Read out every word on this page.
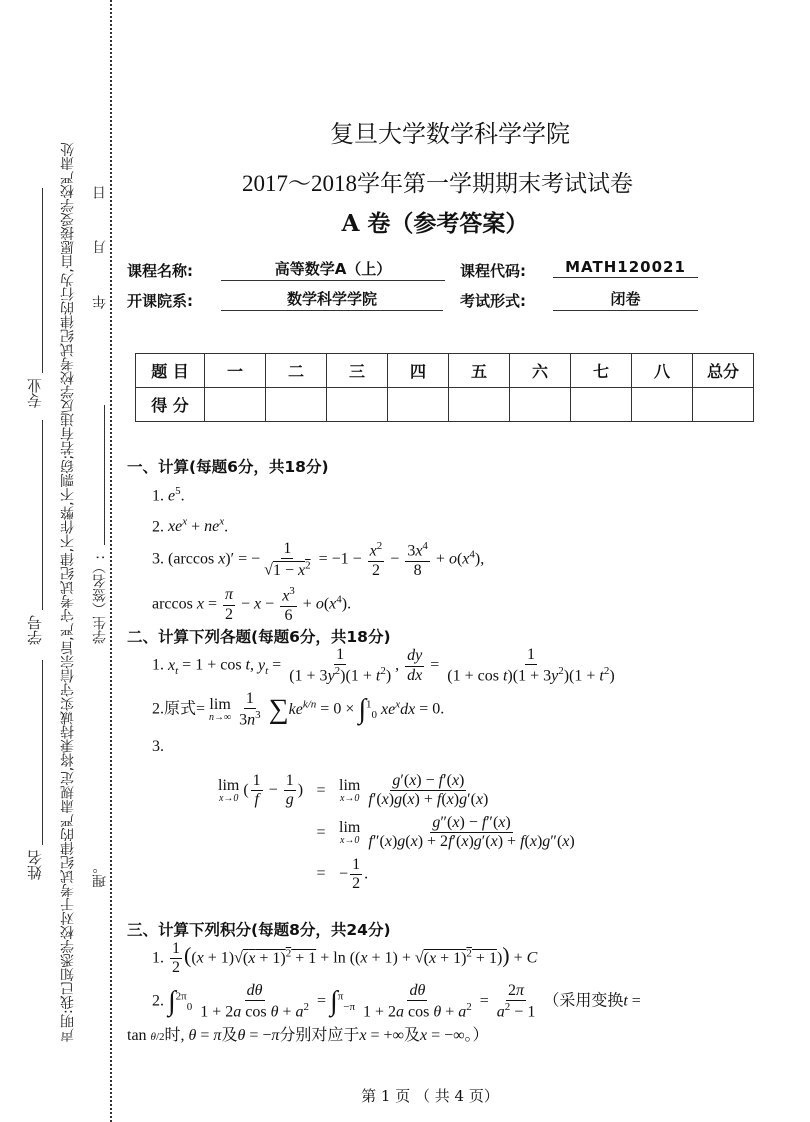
声明:我已知悉学校对于考试纪律的严肃规定,将秉持诚实守信宗旨,严守考试纪律,不作弊,不剽窃;若有违反学校考试纪律的行为,自愿接受学校严肃处 理。
学生（签名）:
年
月
日
姓名
学号
专业
复旦大学数学科学学院
2017～2018学年第一学期期末考试试卷
A 卷（参考答案）
课程名称:	高等数学A（上）	课程代码:	MATH120021
开课院系:	数学科学学院	考试形式:	闭卷
题 目	一	二	三	四	五	六	七	八	总分
得 分									
一、计算(每题6分，共18分)
1. $e^5$.
2. $xe^x + ne^x$.
3. (arccos x)′ = − $\frac{1}{√1 - x^2} = -1 - \frac{x^2}{2} - \frac{3x^4}{8} + o(x^4)$,
$\arccos x = \frac{\pi}{2} - x - \frac{x^3}{6} + o(x^4)$.
二、计算下列各题(每题6分，共18分)
1. $x_t = 1 + \cos t$, $y_t = \frac{1}{(1 + 3y^2)(1 + t^2)}$ , $\frac{dy}{dx} = \frac{1}{(1 + \cos t)(1 + 3y^2)(1 + t^2)}$
2.原式= lim
n→∞
$\frac{1}{3n^3} \sum ke^{k/n} = 0 \times \int^1_0$ $xe^xdx = 0$.
3.
lim
x→0 ( $\frac{1}{f} - \frac{1}{g}$ ) = lim
x→0
$\frac{g'(x) - f'(x)}{f'(x)g(x) + f(x)g'(x)}$
= lim
x→0
$\frac{g''(x) - f''(x)}{f''(x)g(x) + 2f'(x)g'(x) + f(x)g''(x)}$
= − $\frac{1}{2}$ .
三、计算下列积分(每题8分，共24分)
1. $\frac{1}{2} ((x + 1)√(x + 1)^2 + 1 + \ln ((x + 1) + √(x + 1)^2 + 1)) + C$
2. $\int^{2\pi}_0 \frac{d\theta}{1 + 2a \cos \theta + a^2} = \int^\pi_{-\pi} \frac{d\theta}{1 + 2a \cos \theta + a^2} = \frac{2\pi}{a^2 - 1}$ （采用变换t =
tan θ/2时, θ = π及θ = −π分别对应于x = +∞及x = −∞。）
第 1 页 （ 共 4 页）
